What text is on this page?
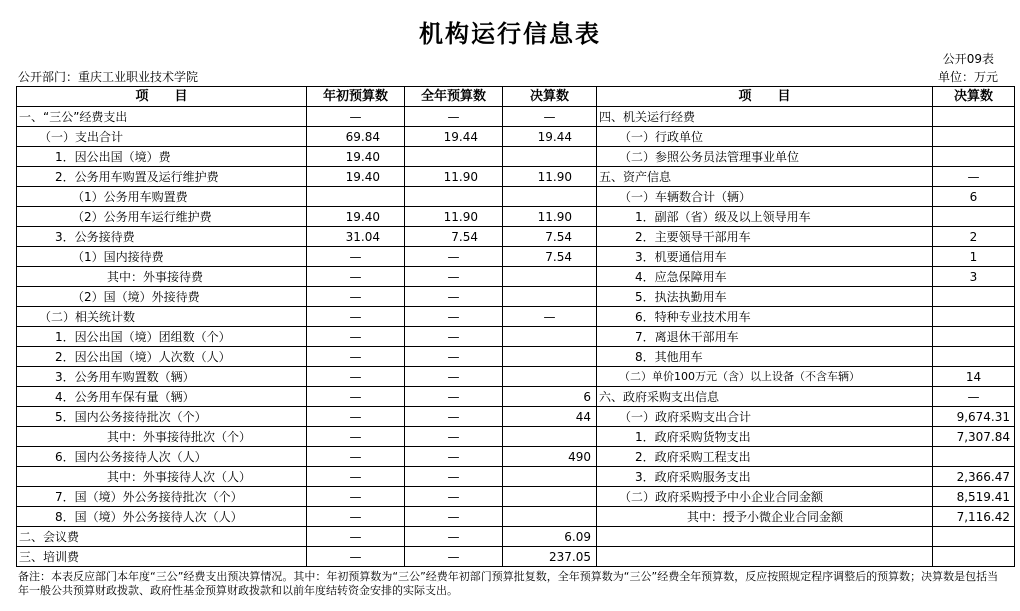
机构运行信息表
公开09表
公开部门：重庆工业职业技术学院	单位：万元
项　　目	年初预算数	全年预算数	决算数	项　　目	决算数
一、“三公”经费支出	—	—	—	四、机关运行经费	
（一）支出合计	69.84	19.44	19.44	（一）行政单位	
1．因公出国（境）费	19.40			（二）参照公务员法管理事业单位	
2．公务用车购置及运行维护费	19.40	11.90	11.90	五、资产信息	—
（1）公务用车购置费				（一）车辆数合计（辆）	6
（2）公务用车运行维护费	19.40	11.90	11.90	1．副部（省）级及以上领导用车	
3．公务接待费	31.04	7.54	7.54	2．主要领导干部用车	2
（1）国内接待费	—	—	7.54	3．机要通信用车	1
其中：外事接待费	—	—		4．应急保障用车	3
（2）国（境）外接待费	—	—		5．执法执勤用车	
（二）相关统计数	—	—	—	6．特种专业技术用车	
1．因公出国（境）团组数（个）	—	—		7．离退休干部用车	
2．因公出国（境）人次数（人）	—	—		8．其他用车	
3．公务用车购置数（辆）	—	—		（二）单价100万元（含）以上设备（不含车辆）	14
4．公务用车保有量（辆）	—	—	6	六、政府采购支出信息	—
5．国内公务接待批次（个）	—	—	44	（一）政府采购支出合计	9,674.31
其中：外事接待批次（个）	—	—		1．政府采购货物支出	7,307.84
6．国内公务接待人次（人）	—	—	490	2．政府采购工程支出	
其中：外事接待人次（人）	—	—		3．政府采购服务支出	2,366.47
7．国（境）外公务接待批次（个）	—	—		（二）政府采购授予中小企业合同金额	8,519.41
8．国（境）外公务接待人次（人）	—	—		其中：授予小微企业合同金额	7,116.42
二、会议费	—	—	6.09		
三、培训费	—	—	237.05		
备注：本表反应部门本年度“三公”经费支出预决算情况。其中：年初预算数为“三公”经费年初部门预算批复数，全年预算数为“三公”经费全年预算数，反应按照规定程序调整后的预算数；决算数是包括当年一般公共预算财政拨款、政府性基金预算财政拨款和以前年度结转资金安排的实际支出。
